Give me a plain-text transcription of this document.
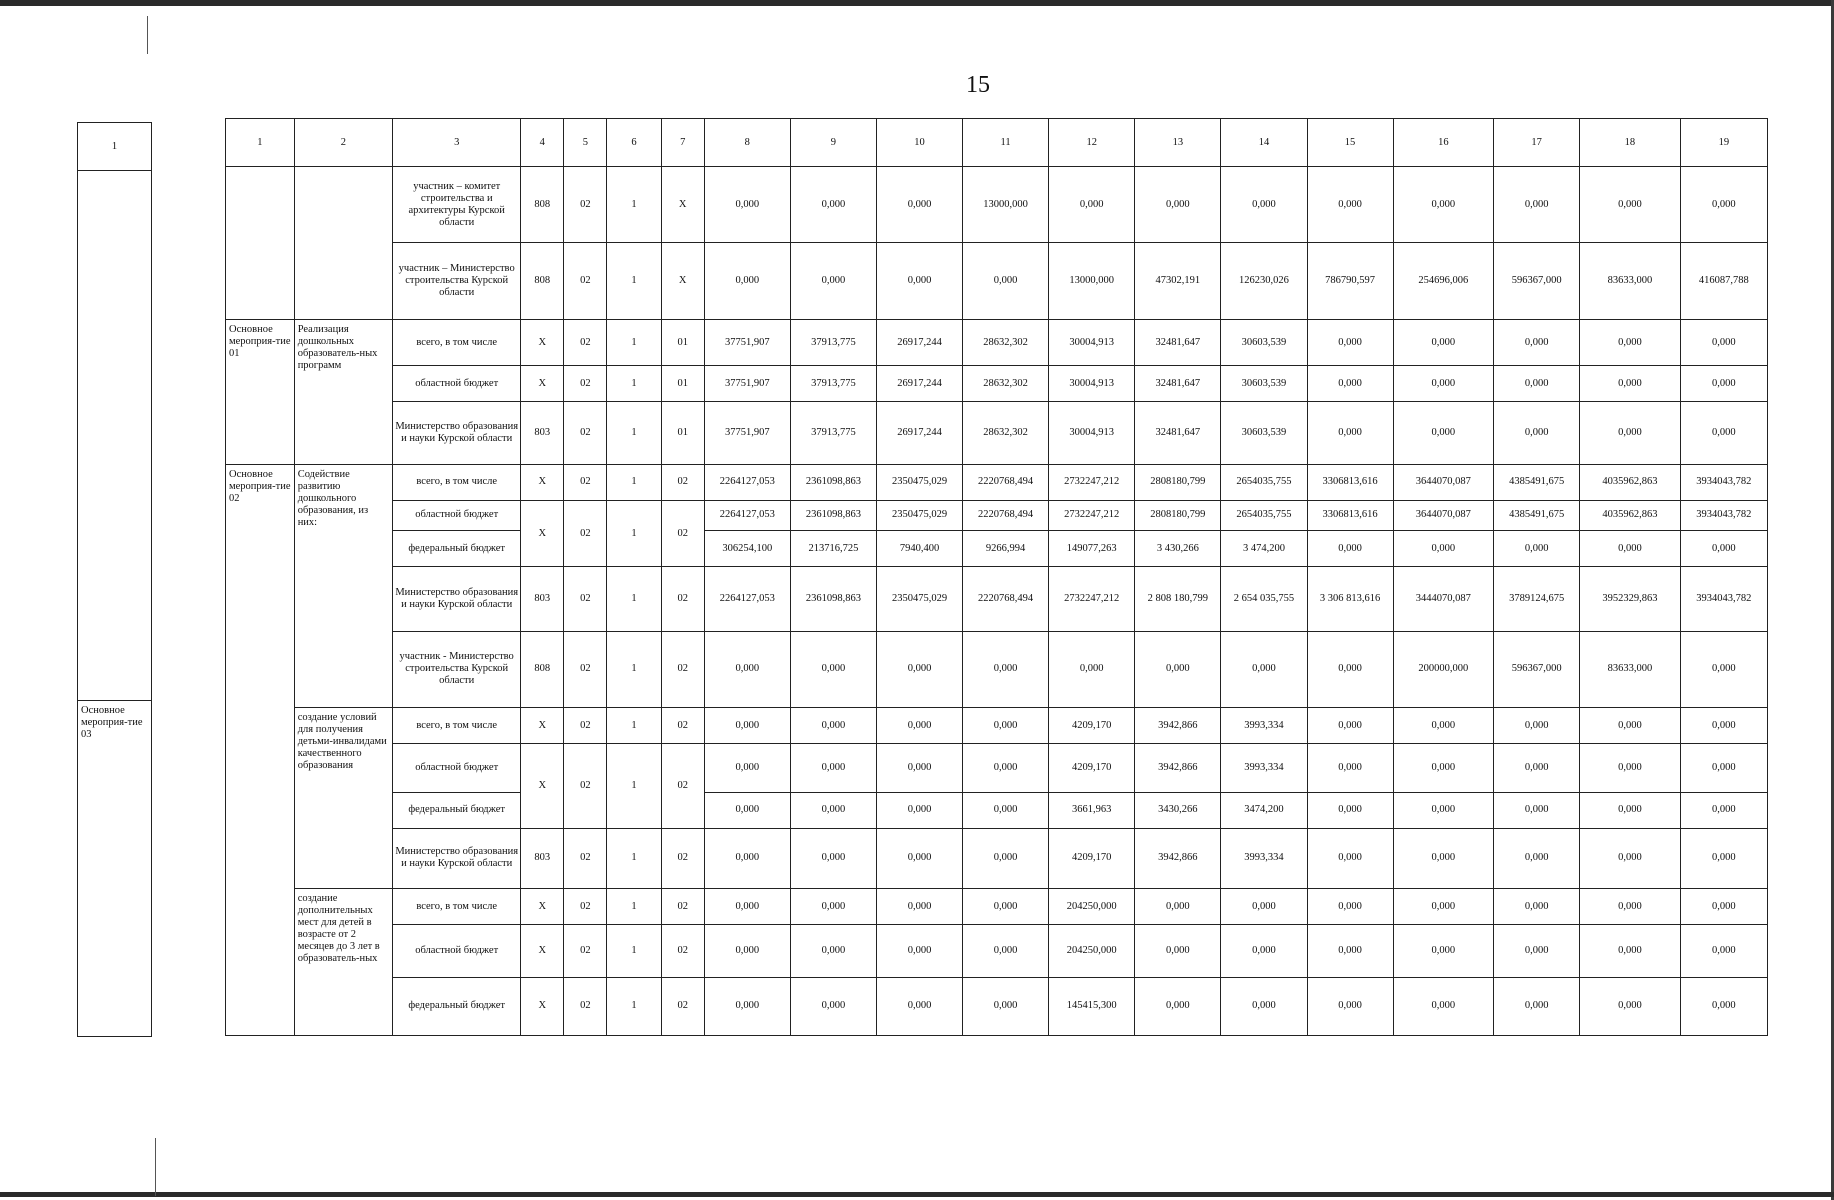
15
1

Основное мероприя-тие 03
1	2	3	4	5	6	7	8	9	10	11	12	13	14	15	16	17	18	19
		участник – комитет строительства и архитектуры Курской области	808	02	1	X	0,000	0,000	0,000	13000,000	0,000	0,000	0,000	0,000	0,000	0,000	0,000	0,000
		участник – Министерство строительства Курской области	808	02	1	X	0,000	0,000	0,000	0,000	13000,000	47302,191	126230,026	786790,597	254696,006	596367,000	83633,000	416087,788
Основное мероприя-тие 01	Реализация дошкольных образователь-ных программ	всего, в том числе	X	02	1	01	37751,907	37913,775	26917,244	28632,302	30004,913	32481,647	30603,539	0,000	0,000	0,000	0,000	0,000
		областной бюджет	X	02	1	01	37751,907	37913,775	26917,244	28632,302	30004,913	32481,647	30603,539	0,000	0,000	0,000	0,000	0,000
		Министерство образования и науки Курской области	803	02	1	01	37751,907	37913,775	26917,244	28632,302	30004,913	32481,647	30603,539	0,000	0,000	0,000	0,000	0,000
Основное мероприя-тие 02	Содействие развитию дошкольного образования, из них:	всего, в том числе	X	02	1	02	2264127,053	2361098,863	2350475,029	2220768,494	2732247,212	2808180,799	2654035,755	3306813,616	3644070,087	4385491,675	4035962,863	3934043,782
		областной бюджет	X	02	1	02	2264127,053	2361098,863	2350475,029	2220768,494	2732247,212	2808180,799	2654035,755	3306813,616	3644070,087	4385491,675	4035962,863	3934043,782
		федеральный бюджет					306254,100	213716,725	7940,400	9266,994	149077,263	3 430,266	3 474,200	0,000	0,000	0,000	0,000	0,000
		Министерство образования и науки Курской области	803	02	1	02	2264127,053	2361098,863	2350475,029	2220768,494	2732247,212	2 808 180,799	2 654 035,755	3 306 813,616	3444070,087	3789124,675	3952329,863	3934043,782
		участник - Министерство строительства Курской области	808	02	1	02	0,000	0,000	0,000	0,000	0,000	0,000	0,000	0,000	200000,000	596367,000	83633,000	0,000
	создание условий для получения детьми-инвалидами качественного образования	всего, в том числе	X	02	1	02	0,000	0,000	0,000	0,000	4209,170	3942,866	3993,334	0,000	0,000	0,000	0,000	0,000
		областной бюджет	X	02	1	02	0,000	0,000	0,000	0,000	4209,170	3942,866	3993,334	0,000	0,000	0,000	0,000	0,000
		федеральный бюджет					0,000	0,000	0,000	0,000	3661,963	3430,266	3474,200	0,000	0,000	0,000	0,000	0,000
		Министерство образования и науки Курской области	803	02	1	02	0,000	0,000	0,000	0,000	4209,170	3942,866	3993,334	0,000	0,000	0,000	0,000	0,000
	создание дополнительных мест для детей в возрасте от 2 месяцев до 3 лет в образователь-ных	всего, в том числе	X	02	1	02	0,000	0,000	0,000	0,000	204250,000	0,000	0,000	0,000	0,000	0,000	0,000	0,000
		областной бюджет	X	02	1	02	0,000	0,000	0,000	0,000	204250,000	0,000	0,000	0,000	0,000	0,000	0,000	0,000
		федеральный бюджет	X	02	1	02	0,000	0,000	0,000	0,000	145415,300	0,000	0,000	0,000	0,000	0,000	0,000	0,000
